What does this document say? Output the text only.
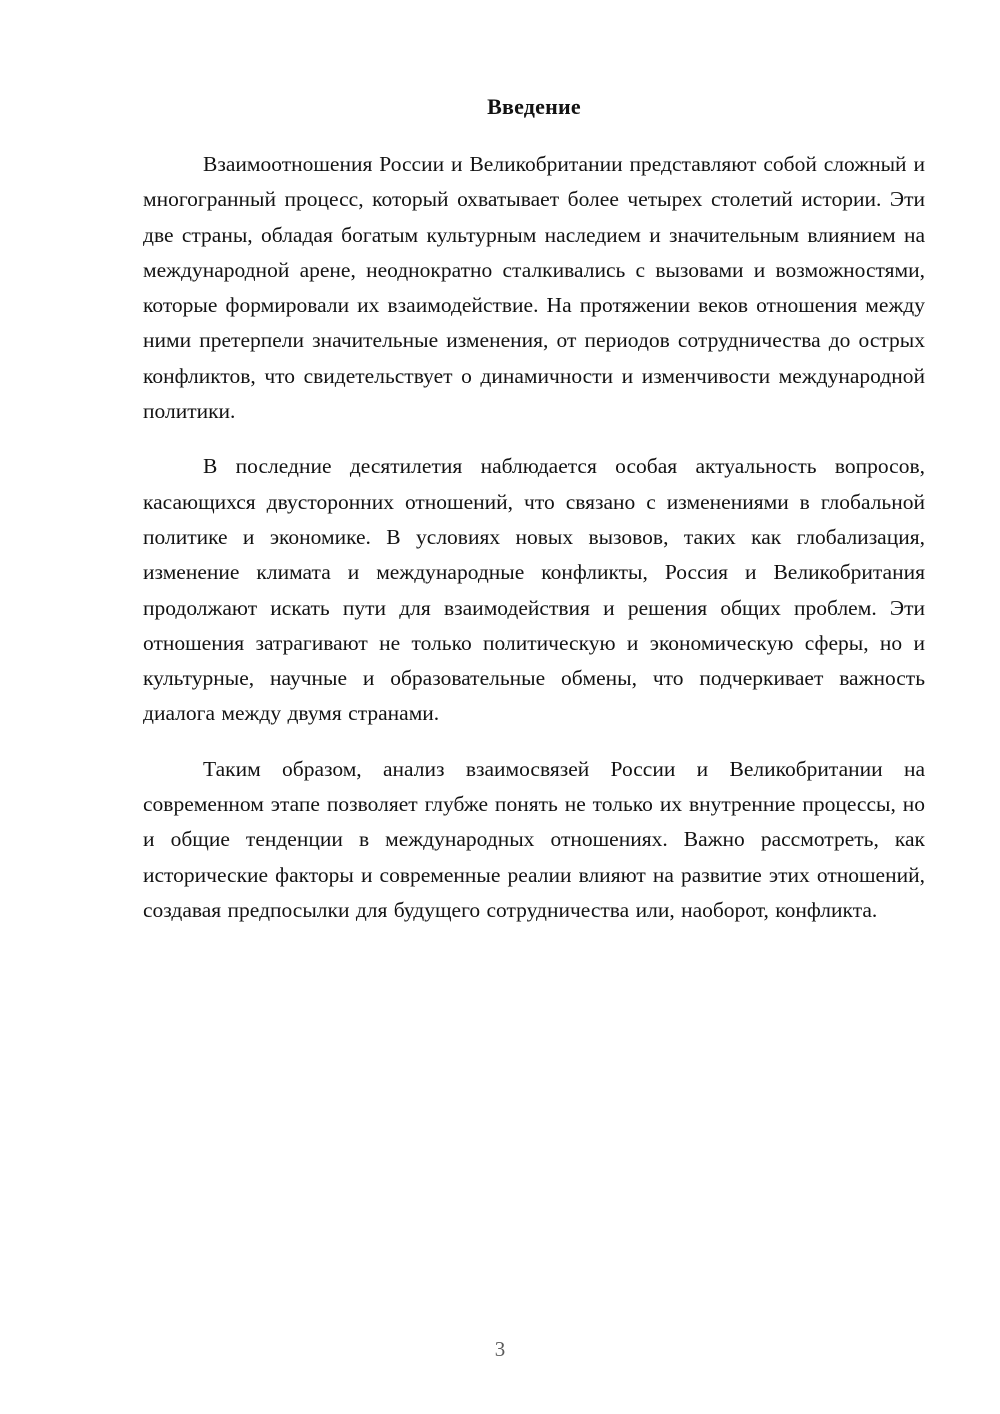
Введение

Взаимоотношения России и Великобритании представляют собой сложный и многогранный процесс, который охватывает более четырех столетий истории. Эти две страны, обладая богатым культурным наследием и значительным влиянием на международной арене, неоднократно сталкивались с вызовами и возможностями, которые формировали их взаимодействие. На протяжении веков отношения между ними претерпели значительные изменения, от периодов сотрудничества до острых конфликтов, что свидетельствует о динамичности и изменчивости международной политики.

В последние десятилетия наблюдается особая актуальность вопросов, касающихся двусторонних отношений, что связано с изменениями в глобальной политике и экономике. В условиях новых вызовов, таких как глобализация, изменение климата и международные конфликты, Россия и Великобритания продолжают искать пути для взаимодействия и решения общих проблем. Эти отношения затрагивают не только политическую и экономическую сферы, но и культурные, научные и образовательные обмены, что подчеркивает важность диалога между двумя странами.

Таким образом, анализ взаимосвязей России и Великобритании на современном этапе позволяет глубже понять не только их внутренние процессы, но и общие тенденции в международных отношениях. Важно рассмотреть, как исторические факторы и современные реалии влияют на развитие этих отношений, создавая предпосылки для будущего сотрудничества или, наоборот, конфликта.

3
